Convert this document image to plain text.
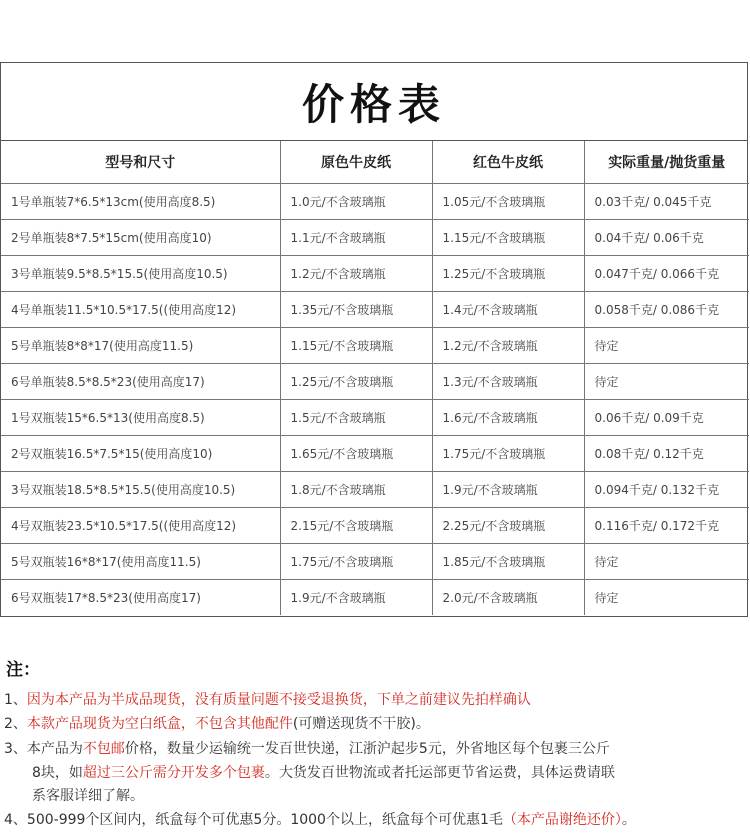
价格表
型号和尺寸	原色牛皮纸	红色牛皮纸	实际重量/抛货重量
1号单瓶装7*6.5*13cm(使用高度8.5)	1.0元/不含玻璃瓶	1.05元/不含玻璃瓶	0.03千克/ 0.045千克
2号单瓶装8*7.5*15cm(使用高度10)	1.1元/不含玻璃瓶	1.15元/不含玻璃瓶	0.04千克/ 0.06千克
3号单瓶装9.5*8.5*15.5(使用高度10.5)	1.2元/不含玻璃瓶	1.25元/不含玻璃瓶	0.047千克/ 0.066千克
4号单瓶装11.5*10.5*17.5((使用高度12)	1.35元/不含玻璃瓶	1.4元/不含玻璃瓶	0.058千克/ 0.086千克
5号单瓶装8*8*17(使用高度11.5)	1.15元/不含玻璃瓶	1.2元/不含玻璃瓶	待定
6号单瓶装8.5*8.5*23(使用高度17)	1.25元/不含玻璃瓶	1.3元/不含玻璃瓶	待定
1号双瓶装15*6.5*13(使用高度8.5)	1.5元/不含玻璃瓶	1.6元/不含玻璃瓶	0.06千克/ 0.09千克
2号双瓶装16.5*7.5*15(使用高度10)	1.65元/不含玻璃瓶	1.75元/不含玻璃瓶	0.08千克/ 0.12千克
3号双瓶装18.5*8.5*15.5(使用高度10.5)	1.8元/不含玻璃瓶	1.9元/不含玻璃瓶	0.094千克/ 0.132千克
4号双瓶装23.5*10.5*17.5((使用高度12)	2.15元/不含玻璃瓶	2.25元/不含玻璃瓶	0.116千克/ 0.172千克
5号双瓶装16*8*17(使用高度11.5)	1.75元/不含玻璃瓶	1.85元/不含玻璃瓶	待定
6号双瓶装17*8.5*23(使用高度17)	1.9元/不含玻璃瓶	2.0元/不含玻璃瓶	待定
注：
1、因为本产品为半成品现货，没有质量问题不接受退换货，下单之前建议先拍样确认
2、本款产品现货为空白纸盒，不包含其他配件(可赠送现货不干胶)。
3、本产品为不包邮价格，数量少运输统一发百世快递，江浙沪起步5元，外省地区每个包裹三公斤
8块，如超过三公斤需分开发多个包裹。大货发百世物流或者托运部更节省运费，具体运费请联
系客服详细了解。
4、500-999个区间内，纸盒每个可优惠5分。1000个以上，纸盒每个可优惠1毛（本产品谢绝还价）。
